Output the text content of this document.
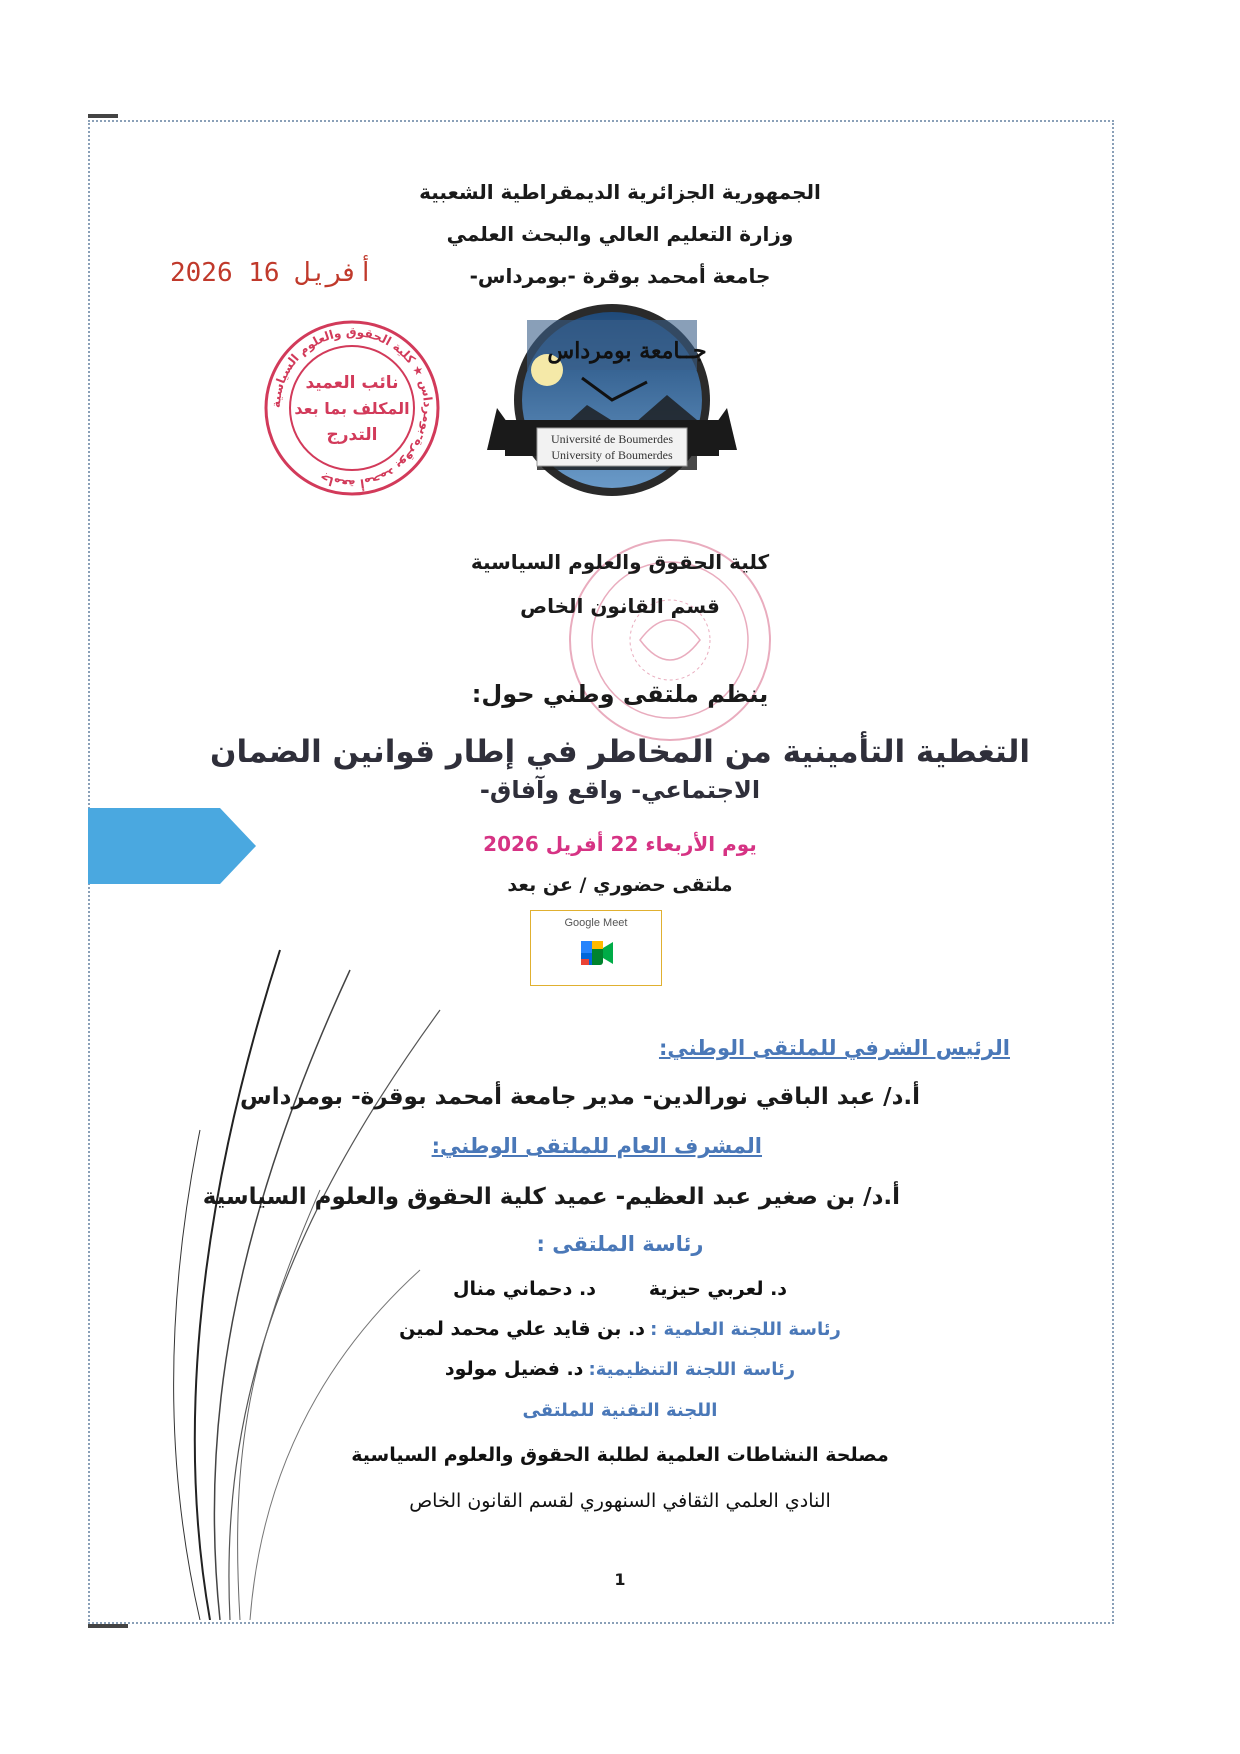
الجمهورية الجزائرية الديمقراطية الشعبية
وزارة التعليم العالي والبحث العلمي
جامعة أمحمد بوقرة -بومرداس-
2026 أفريل 16
جامعة أمحمد بوقرة-بومرداس ★ كلية الحقوق والعلوم السياسية
نائب العميد
المكلف بما بعد
التدرج
جــامعة بومرداس
Université de Boumerdes
University of Boumerdes
كلية الحقوق والعلوم السياسية
قسم القانون الخاص
ينظم ملتقى وطني حول:
التغطية التأمينية من المخاطر في إطار قوانين الضمان
الاجتماعي- واقع وآفاق-
يوم الأربعاء 22 أفريل 2026
ملتقى حضوري / عن بعد
Google Meet
الرئيس الشرفي للملتقى الوطني:
أ.د/ عبد الباقي نورالدين- مدير جامعة أمحمد بوقرة- بومرداس
المشرف العام للملتقى الوطني:
أ.د/ بن صغير عبد العظيم- عميد كلية الحقوق والعلوم السياسية
رئاسة الملتقى :
د. لعربي حيزية        د. دحماني منال
رئاسة اللجنة العلمية : د. بن قايد علي محمد لمين
رئاسة اللجنة التنظيمية: د. فضيل مولود
اللجنة التقنية للملتقى
مصلحة النشاطات العلمية لطلبة الحقوق والعلوم السياسية
النادي العلمي الثقافي السنهوري لقسم القانون الخاص
1
